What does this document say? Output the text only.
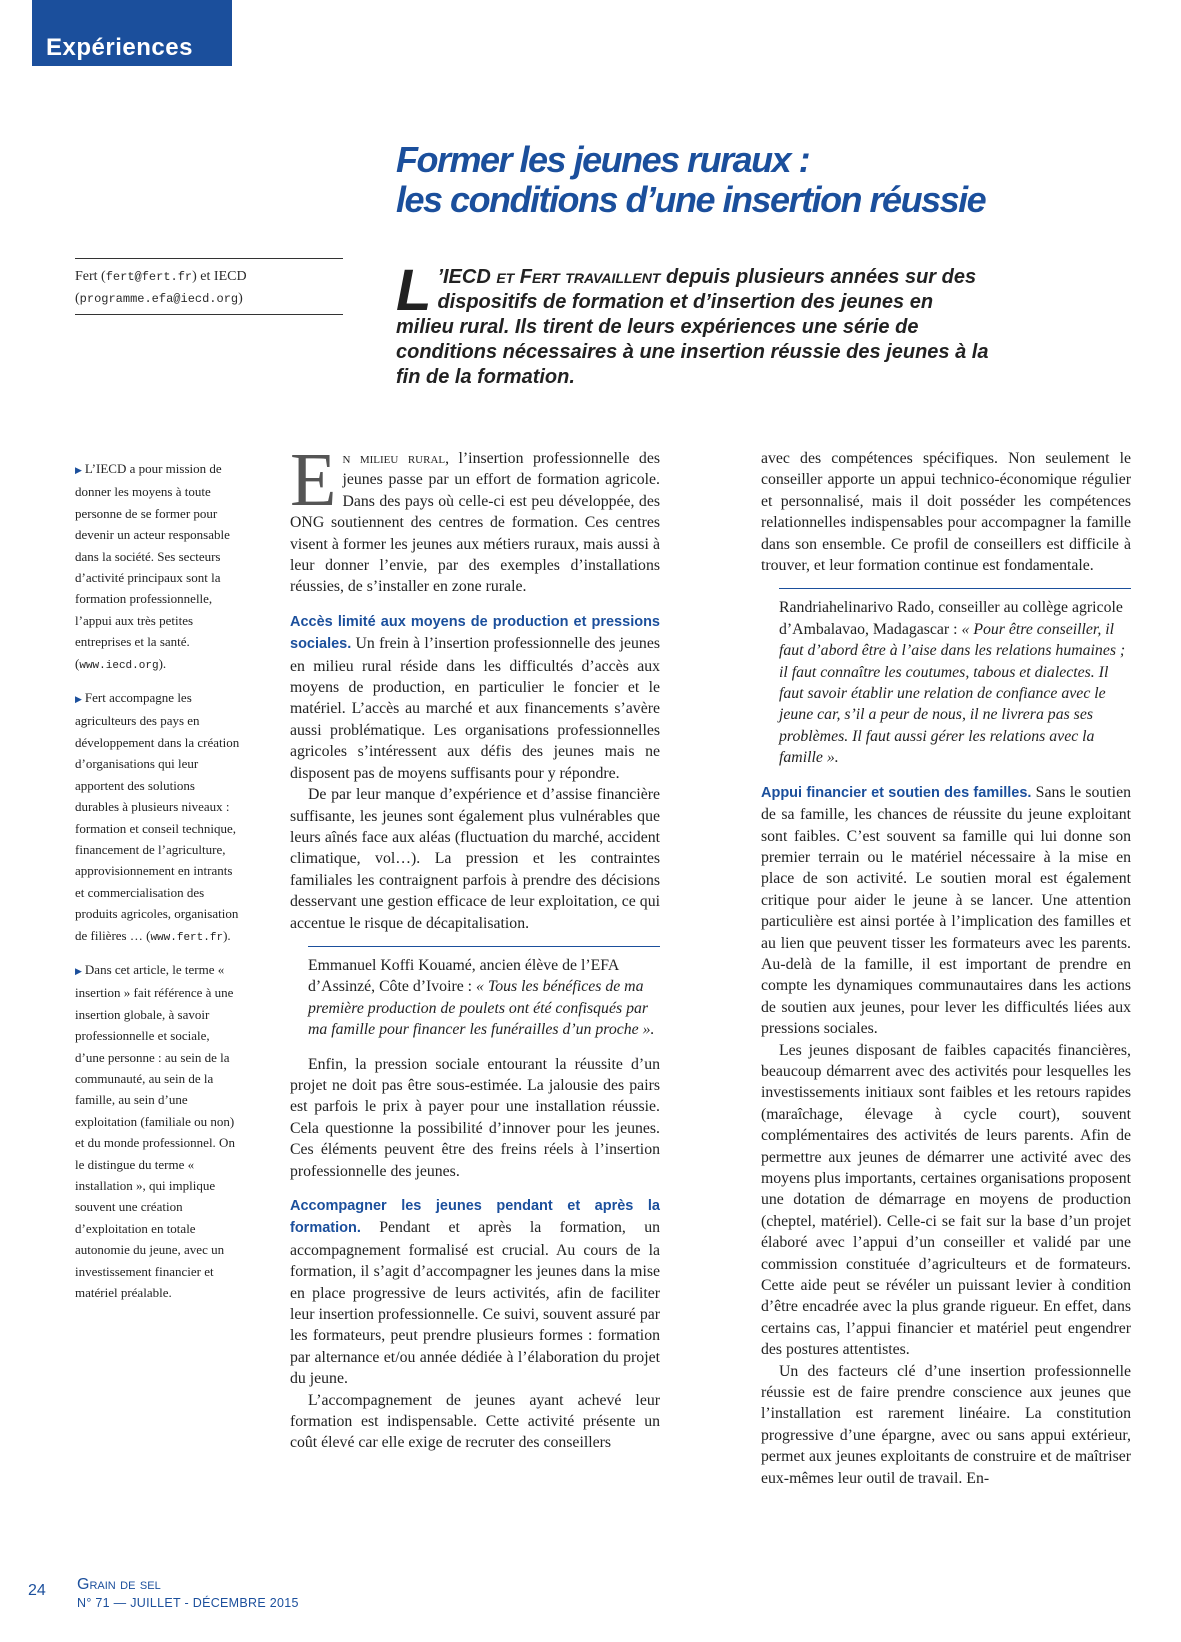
Expériences
Former les jeunes ruraux :
les conditions d’une insertion réussie
Fert (fert@fert.fr) et IECD (programme.efa@iecd.org)	L ’IECD et Fert travaillent depuis plusieurs années sur des dispositifs de formation et d’insertion des jeunes en milieu rural. Ils tirent de leurs expériences une série de conditions nécessaires à une insertion réussie des jeunes à la fin de la formation.

▶ L’IECD a pour mission de donner les moyens à toute personne de se former pour devenir un acteur responsable dans la société. Ses secteurs d’activité principaux sont la formation professionnelle, l’appui aux très petites entreprises et la santé. (www.iecd.org).

▶ Fert accompagne les agriculteurs des pays en développement dans la création d’organisations qui leur apportent des solutions durables à plusieurs niveaux : formation et conseil technique, financement de l’agriculture, approvisionnement en intrants et commercialisation des produits agricoles, organisation de filières … (www.fert.fr).

▶ Dans cet article, le terme « insertion » fait référence à une insertion globale, à savoir professionnelle et sociale, d’une personne : au sein de la communauté, au sein de la famille, au sein d’une exploitation (familiale ou non) et du monde professionnel. On le distingue du terme « installation », qui implique souvent une création d’exploitation en totale autonomie du jeune, avec un investissement financier et matériel préalable.

En milieu rural, l’insertion professionnelle des jeunes passe par un effort de formation agricole. Dans des pays où celle-ci est peu développée, des ONG soutiennent des centres de formation. Ces centres visent à former les jeunes aux métiers ruraux, mais aussi à leur donner l’envie, par des exemples d’installations réussies, de s’installer en zone rurale.

Accès limité aux moyens de production et pressions sociales. Un frein à l’insertion professionnelle des jeunes en milieu rural réside dans les difficultés d’accès aux moyens de production, en particulier le foncier et le matériel. L’accès au marché et aux financements s’avère aussi problématique. Les organisations professionnelles agricoles s’intéressent aux défis des jeunes mais ne disposent pas de moyens suffisants pour y répondre.

De par leur manque d’expérience et d’assise financière suffisante, les jeunes sont également plus vulnérables que leurs aînés face aux aléas (fluctuation du marché, accident climatique, vol…). La pression et les contraintes familiales les contraignent parfois à prendre des décisions desservant une gestion efficace de leur exploitation, ce qui accentue le risque de décapitalisation.

Emmanuel Koffi Kouamé, ancien élève de l’EFA d’Assinzé, Côte d’Ivoire : « Tous les bénéfices de ma première production de poulets ont été confisqués par ma famille pour financer les funérailles d’un proche ».

Enfin, la pression sociale entourant la réussite d’un projet ne doit pas être sous-estimée. La jalousie des pairs est parfois le prix à payer pour une installation réussie. Cela questionne la possibilité d’innover pour les jeunes. Ces éléments peuvent être des freins réels à l’insertion professionnelle des jeunes.

Accompagner les jeunes pendant et après la formation. Pendant et après la formation, un accompagnement formalisé est crucial. Au cours de la formation, il s’agit d’accompagner les jeunes dans la mise en place progressive de leurs activités, afin de faciliter leur insertion professionnelle. Ce suivi, souvent assuré par les formateurs, peut prendre plusieurs formes : formation par alternance et/ou année dédiée à l’élaboration du projet du jeune.

L’accompagnement de jeunes ayant achevé leur formation est indispensable. Cette activité présente un coût élevé car elle exige de recruter des conseillers

avec des compétences spécifiques. Non seulement le conseiller apporte un appui technico-économique régulier et personnalisé, mais il doit posséder les compétences relationnelles indispensables pour accompagner la famille dans son ensemble. Ce profil de conseillers est difficile à trouver, et leur formation continue est fondamentale.

Randriahelinarivo Rado, conseiller au collège agricole d’Ambalavao, Madagascar : « Pour être conseiller, il faut d’abord être à l’aise dans les relations humaines ; il faut connaître les coutumes, tabous et dialectes. Il faut savoir établir une relation de confiance avec le jeune car, s’il a peur de nous, il ne livrera pas ses problèmes. Il faut aussi gérer les relations avec la famille ».

Appui financier et soutien des familles. Sans le soutien de sa famille, les chances de réussite du jeune exploitant sont faibles. C’est souvent sa famille qui lui donne son premier terrain ou le matériel nécessaire à la mise en place de son activité. Le soutien moral est également critique pour aider le jeune à se lancer. Une attention particulière est ainsi portée à l’implication des familles et au lien que peuvent tisser les formateurs avec les parents. Au-delà de la famille, il est important de prendre en compte les dynamiques communautaires dans les actions de soutien aux jeunes, pour lever les difficultés liées aux pressions sociales.

Les jeunes disposant de faibles capacités financières, beaucoup démarrent avec des activités pour lesquelles les investissements initiaux sont faibles et les retours rapides (maraîchage, élevage à cycle court), souvent complémentaires des activités de leurs parents. Afin de permettre aux jeunes de démarrer une activité avec des moyens plus importants, certaines organisations proposent une dotation de démarrage en moyens de production (cheptel, matériel). Celle-ci se fait sur la base d’un projet élaboré avec l’appui d’un conseiller et validé par une commission constituée d’agriculteurs et de formateurs. Cette aide peut se révéler un puissant levier à condition d’être encadrée avec la plus grande rigueur. En effet, dans certains cas, l’appui financier et matériel peut engendrer des postures attentistes.

Un des facteurs clé d’une insertion professionnelle réussie est de faire prendre conscience aux jeunes que l’installation est rarement linéaire. La constitution progressive d’une épargne, avec ou sans appui extérieur, permet aux jeunes exploitants de construire et de maîtriser eux-mêmes leur outil de travail. En-

24 Grain de sel
N° 71 — JUILLET - DÉCEMBRE 2015
